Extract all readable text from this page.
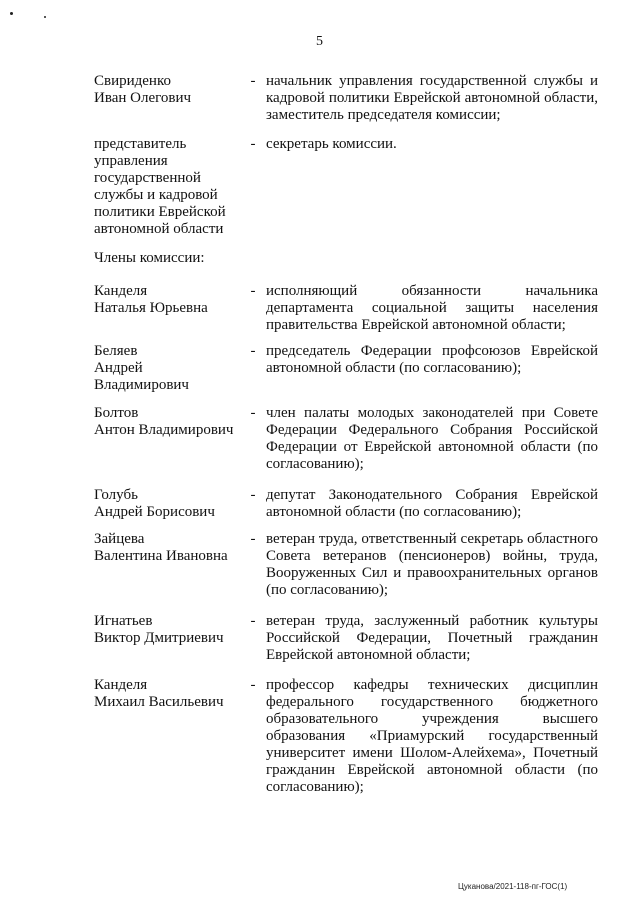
5
Свириденко
Иван Олегович
- начальник управления государственной службы и кадровой политики Еврейской автономной области, заместитель председателя комиссии;
представитель
управления
государственной
службы и кадровой
политики Еврейской
автономной области
- секретарь комиссии.
Члены комиссии:
Канделя
Наталья Юрьевна
- исполняющий обязанности начальника департамента социальной защиты населения правительства Еврейской автономной области;
Беляев
Андрей
Владимирович
- председатель Федерации профсоюзов Еврейской автономной области (по согласованию);
Болтов
Антон Владимирович
- член палаты молодых законодателей при Совете Федерации Федерального Собрания Российской Федерации от Еврейской автономной области (по согласованию);
Голубь
Андрей Борисович
- депутат Законодательного Собрания Еврейской автономной области (по согласованию);
Зайцева
Валентина Ивановна
- ветеран труда, ответственный секретарь областного Совета ветеранов (пенсионеров) войны, труда, Вооруженных Сил и правоохранительных органов (по согласованию);
Игнатьев
Виктор Дмитриевич
- ветеран труда, заслуженный работник культуры Российской Федерации, Почетный гражданин Еврейской автономной области;
Канделя
Михаил Васильевич
- профессор кафедры технических дисциплин федерального государственного бюджетного образовательного учреждения высшего образования «Приамурский государственный университет имени Шолом-Алейхема», Почетный гражданин Еврейской автономной области (по согласованию);
Цуканова/2021-118-пг-ГОС(1)
